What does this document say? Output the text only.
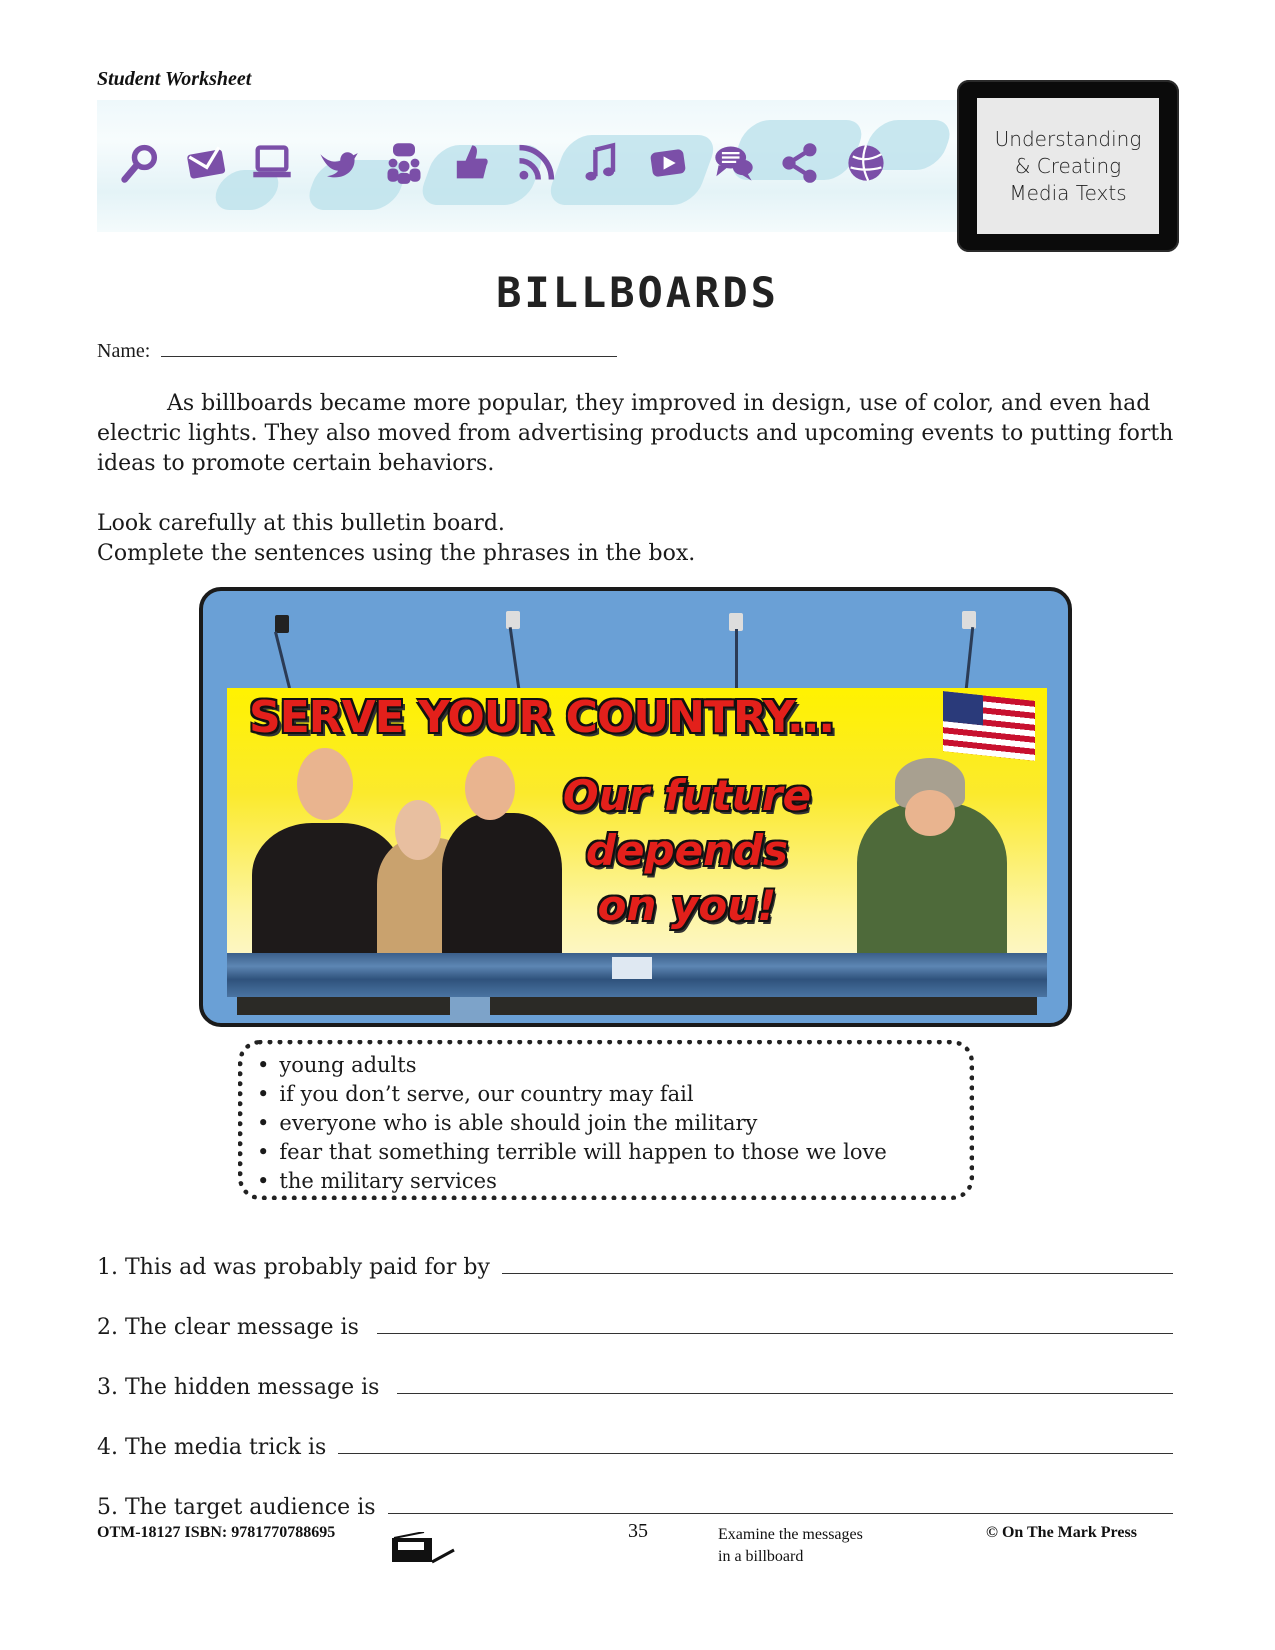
Student Worksheet
Understanding
& Creating
Media Texts
BILLBOARDS
Name:
As billboards became more popular, they improved in design, use of color, and even had electric lights. They also moved from advertising products and upcoming events to putting forth ideas to promote certain behaviors.
Look carefully at this bulletin board.
Complete the sentences using the phrases in the box.
SERVE YOUR COUNTRY...
Our future
depends
on you!
• young adults
• if you don’t serve, our country may fail
• everyone who is able should join the military
• fear that something terrible will happen to those we love
• the military services
1.
This ad was probably paid for by
2.
The clear message is
3.
The hidden message is
4.
The media trick is
5.
The target audience is
OTM-18127 ISBN: 9781770788695	35	Examine the messages
in a billboard
© On The Mark Press
